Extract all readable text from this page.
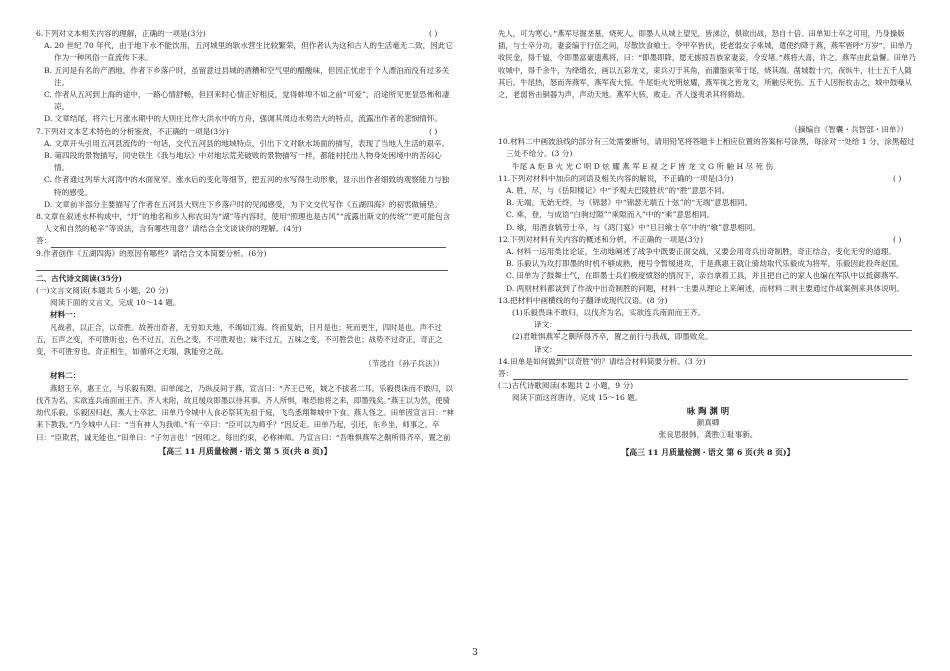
6.下列对文本相关内容的理解，正确的一项是(3分)	( )

A. 20 世纪 70 年代，由于地下水不能饮用，五河城里的耿水营生比较繁荣，但作者认为这和古人的生活毫无二致，因此它作为一种风俗一直流传下来。

B. 五河是有名的产酒地，作者下乡落户时，虽留意过县城的酒糟和空气里的醋酸味，但因正忧虑于个人漂泊而没有过多关注。

C. 作者从五河到上海的途中，一路心情舒畅，但回来时心情正好相反，觉得蚌埠不如之前“可爱”，沿途所见更显恐怖和凄凉。

D. 文章结尾，将六七月涨水期中的大则庄比作大洪水中的方舟，强调其周边水势浩大的特点，流露出作者的悲悯情怀。

7.下列对文本艺术特色的分析鉴赏，不正确的一项是(3分)	( )

A. 文章开头引用五河县流传的一句话，交代五河县的地域特点，引出下文对耿水场面的描写，表现了当地人生活的艰辛。

B. 第四段的景物描写，同史铁生《我与地坛》中对地坛荒芜破败的景物描写一样，都能衬托出人物身处困境中的苦闷心情。

C. 作者通过列举大河湾中的水面宽窄、涨水后的变化等细节，把五河的水写得生动形象，显示出作者细致的观察能力与独特的感受。

D. 文章前半部分主要描写了作者在五河县大则庄下乡落户时的见闻感受，为下文交代写作《五湖四海》的初衷做铺垫。

8.文章在叙述水杯构成中，“圩”的地名和乡人称农田为“湖”等内容时，使用“照理也是古风”“流露出斯文的传统”“更可能包含人文和自然的秘辛”等说法，含有哪些用意？请结合全文谈谈你的理解。(4分)

答：

9.作者创作《五湖四海》的原因有哪些？请结合文本简要分析。(6分)

二、古代诗文阅读(35分)

(一)文言文阅读(本题共 5 小题，20 分)

阅读下面的文言文，完成 10～14 题。

材料一：

凡战者，以正合，以奇胜。故善出奇者，无穷如天地，不竭如江海。终而复始，日月是也；死而更生，四时是也。声不过五，五声之变，不可胜听也；色不过五，五色之变，不可胜观也；味不过五，五味之变，不可胜尝也；战势不过奇正，奇正之变，不可胜穷也。奇正相生，如循环之无端，孰能穷之哉。

（节选自《孙子兵法》）

材料二：

燕昭王卒，惠王立，与乐毅有隙。田单闻之，乃纵反间于燕，宣言曰：“齐王已死，城之不拔者二耳。乐毅畏诛而不敢归，以伐齐为名，实欲连兵南面而王齐。齐人未附，故且缓攻即墨以待其事。齐人所惧，唯恐他将之来，即墨残矣。”燕王以为然，使骑劫代乐毅。乐毅因归赵，燕人士卒忿。田单乃令城中人食必祭其先祖于庭，飞鸟悉翔舞城中下食。燕人怪之。田单因宣言曰：“神来下教我。”乃令城中人曰：“当有神人为我师。”有一卒曰：“臣可以为师乎？”因反走。田单乃起，引还，东乡坐，师事之。卒曰：“臣欺君，诚无能也。”田单曰：“子勿言也！”因师之。每出约束，必称神师。乃宣言曰：“吾唯惧燕军之劓所得齐卒，置之前

【高三 11 月质量检测・语文 第 5 页(共 8 页)】

先人，可为寒心。”燕军尽掘垄墓，烧死人。即墨人从城上望见，皆涕泣，俱欲出战，怒自十倍。田单知士卒之可用，乃身操版插，与士卒分功，妻妾编于行伍之间，尽散饮食飨士。令甲卒皆伏，使老弱女子乘城，遣使约降于燕，燕军皆呼“万岁”。田单乃收民金，得千镒，令即墨富豪遗燕将，曰：“即墨即降，愿无掳掠吾族家妻妾，令安堵。”燕将大喜，许之。燕军由此益懈。田单乃收城中，得千余牛，为绛缯衣，画以五彩龙文，束兵刃于其角，而灌脂束苇于尾，烧其端。凿城数十穴，夜纵牛，壮士五千人随其后。牛尾热，怒而奔燕军，燕军夜大惊。牛尾炬火光明炫耀，燕军视之皆龙文，所触尽死伤。五千人因衔枚击之，城中鼓噪从之，老弱皆击铜器为声，声动天地。燕军大骇，败走。齐人遂夷杀其将骑劫。

（摘编自《智囊・兵智部・田单》）

10.材料二中画波浪线的部分有三处需要断句，请用铅笔将答题卡上相应位置的答案标号涂黑，每涂对一处给 1 分，涂黑超过三处不给分。(3 分)

牛尾 A 炬 B 火 光 C 明 D 炫 耀 燕 军 E 视 之 F 皆 龙 文 G 所 触 H 尽 死 伤

11.下列对材料中加点的词语及相关内容的解说，不正确的一项是(3分)	( )

A. 胜，尽，与《岳阳楼记》中“予观夫巴陵胜状”的“胜”意思不同。

B. 无端，无始无终，与《锦瑟》中“锦瑟无端五十弦”的“无端”意思相同。

C. 乘，登，与成语“白驹过隙”“乘隙而入”中的“乘”意思相同。

D. 飨，用酒食犒劳士卒，与《鸿门宴》中“旦日飨士卒”中的“飨”意思相同。

12.下列对材料有关内容的概述和分析，不正确的一项是(3分)	( )

A. 材料一运用类比论证，生动地阐述了战争中既要正面交战，又要会用奇兵出奇制胜，奇正结合，变化无穷的道理。

B. 乐毅认为攻打即墨的时机不够成熟，便号令暂缓进攻，于是燕惠王就让骑劫取代乐毅成为将军，乐毅因此投奔赵国。

C. 田单为了鼓舞士气，在即墨士兵们极度愤怒的情况下，亲自拿着工具，并且把自己的家人也编在军队中以抵御燕军。

D. 两则材料都谈到了作战中出奇制胜的问题，材料一主要从理论上来阐述，而材料二则主要通过作战案例来具体说明。

13.把材料中画横线的句子翻译成现代汉语。(8 分)

(1)乐毅畏诛不敢归，以伐齐为名，实欲连兵南面而王齐。

译文：

(2)君唯惧燕军之劓所得齐卒，置之前行与我战，即墨败矣。

译文：

14.田单是如何做到“以奇胜”的？请结合材料简要分析。(3 分)

答：

(二)古代诗歌阅读(本题共 2 小题，9 分)

阅读下面这首唐诗，完成 15～16 题。

咏 陶 渊 明

颜真卿

张良思报韩，龚胜①耻事新。

【高三 11 月质量检测・语文 第 6 页(共 8 页)】

3
